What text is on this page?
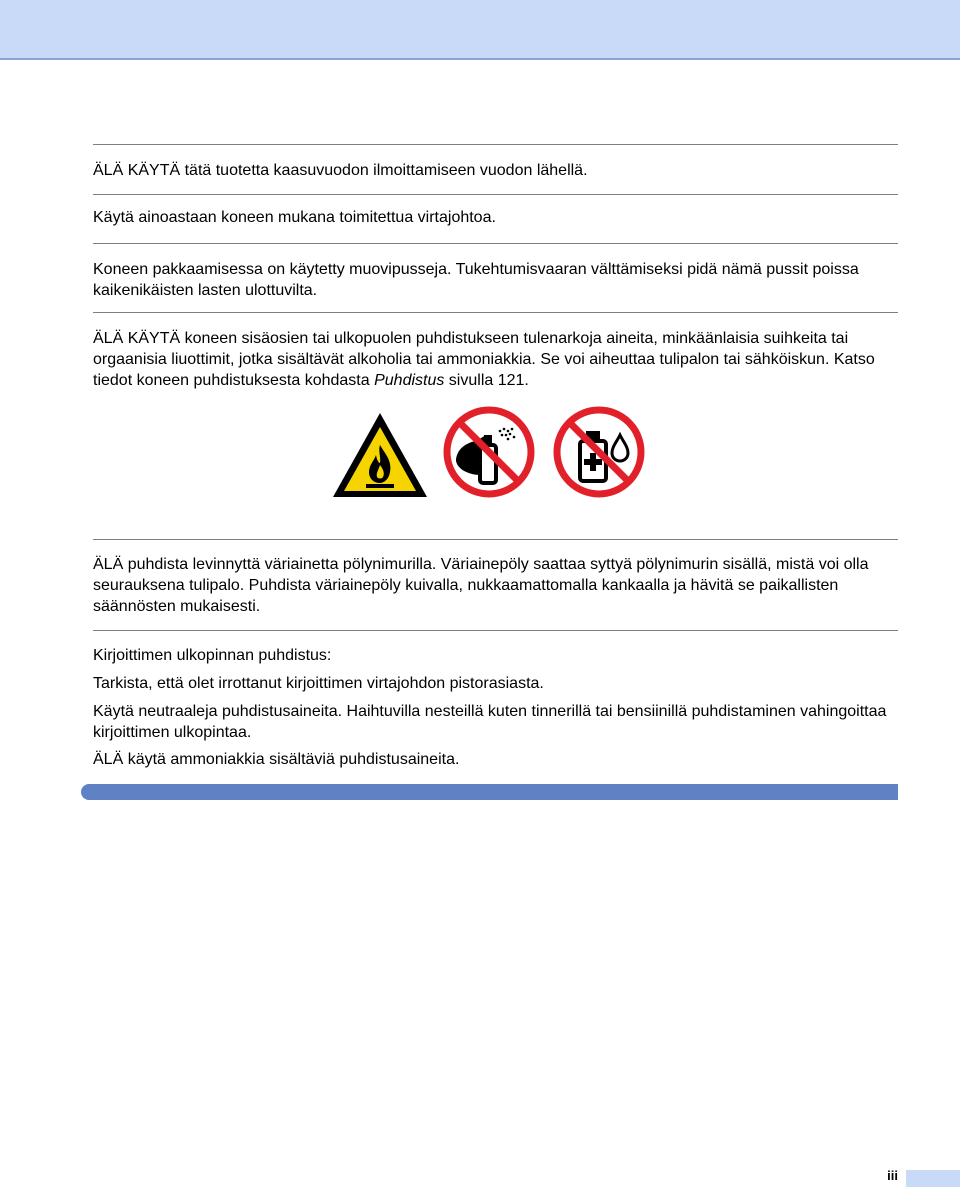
ÄLÄ KÄYTÄ tätä tuotetta kaasuvuodon ilmoittamiseen vuodon lähellä.

Käytä ainoastaan koneen mukana toimitettua virtajohtoa.

Koneen pakkaamisessa on käytetty muovipusseja. Tukehtumisvaaran välttämiseksi pidä nämä pussit poissa kaikenikäisten lasten ulottuvilta.

ÄLÄ KÄYTÄ koneen sisäosien tai ulkopuolen puhdistukseen tulenarkoja aineita, minkäänlaisia suihkeita tai orgaanisia liuottimit, jotka sisältävät alkoholia tai ammoniakkia. Se voi aiheuttaa tulipalon tai sähköiskun. Katso tiedot koneen puhdistuksesta kohdasta Puhdistus sivulla 121.

ÄLÄ puhdista levinnyttä väriainetta pölynimurilla. Väriainepöly saattaa syttyä pölynimurin sisällä, mistä voi olla seurauksena tulipalo. Puhdista väriainepöly kuivalla, nukkaamattomalla kankaalla ja hävitä se paikallisten säännösten mukaisesti.

Kirjoittimen ulkopinnan puhdistus:

Tarkista, että olet irrottanut kirjoittimen virtajohdon pistorasiasta.

Käytä neutraaleja puhdistusaineita. Haihtuvilla nesteillä kuten tinnerillä tai bensiinillä puhdistaminen vahingoittaa kirjoittimen ulkopintaa.

ÄLÄ käytä ammoniakkia sisältäviä puhdistusaineita.

iii
